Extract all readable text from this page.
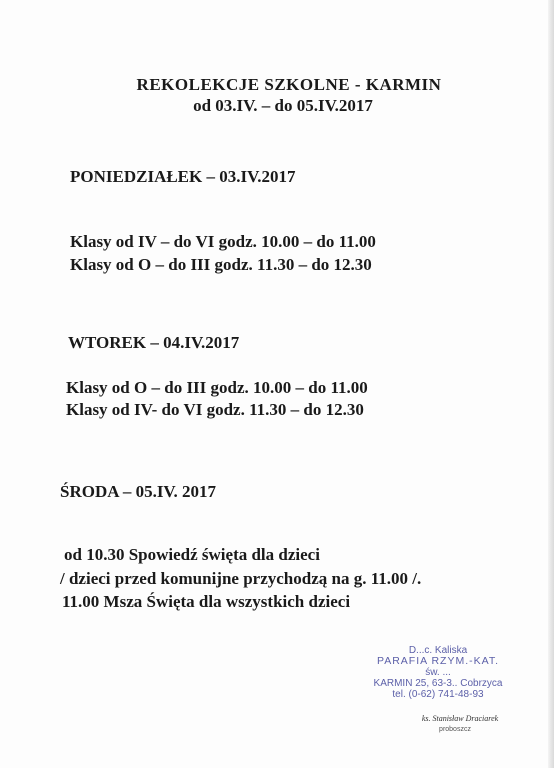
REKOLEKCJE SZKOLNE - KARMIN
od 03.IV. – do 05.IV.2017
PONIEDZIAŁEK – 03.IV.2017
Klasy od IV – do VI godz. 10.00 – do 11.00
Klasy od O – do III godz. 11.30 – do 12.30
WTOREK – 04.IV.2017
Klasy od O – do III godz. 10.00 – do 11.00
Klasy od IV- do VI godz. 11.30 – do 12.30
ŚRODA – 05.IV. 2017
od 10.30 Spowiedź święta dla dzieci
/ dzieci przed komunijne przychodzą na g. 11.00 /.
11.00 Msza Święta dla wszystkich dzieci
D...c. Kaliska
PARAFIA RZYM.-KAT.
św. ...
KARMIN 25, 63-3.. Cobrzyca
tel. (0-62) 741-48-93
ks. Stanisław Draciarek
proboszcz
